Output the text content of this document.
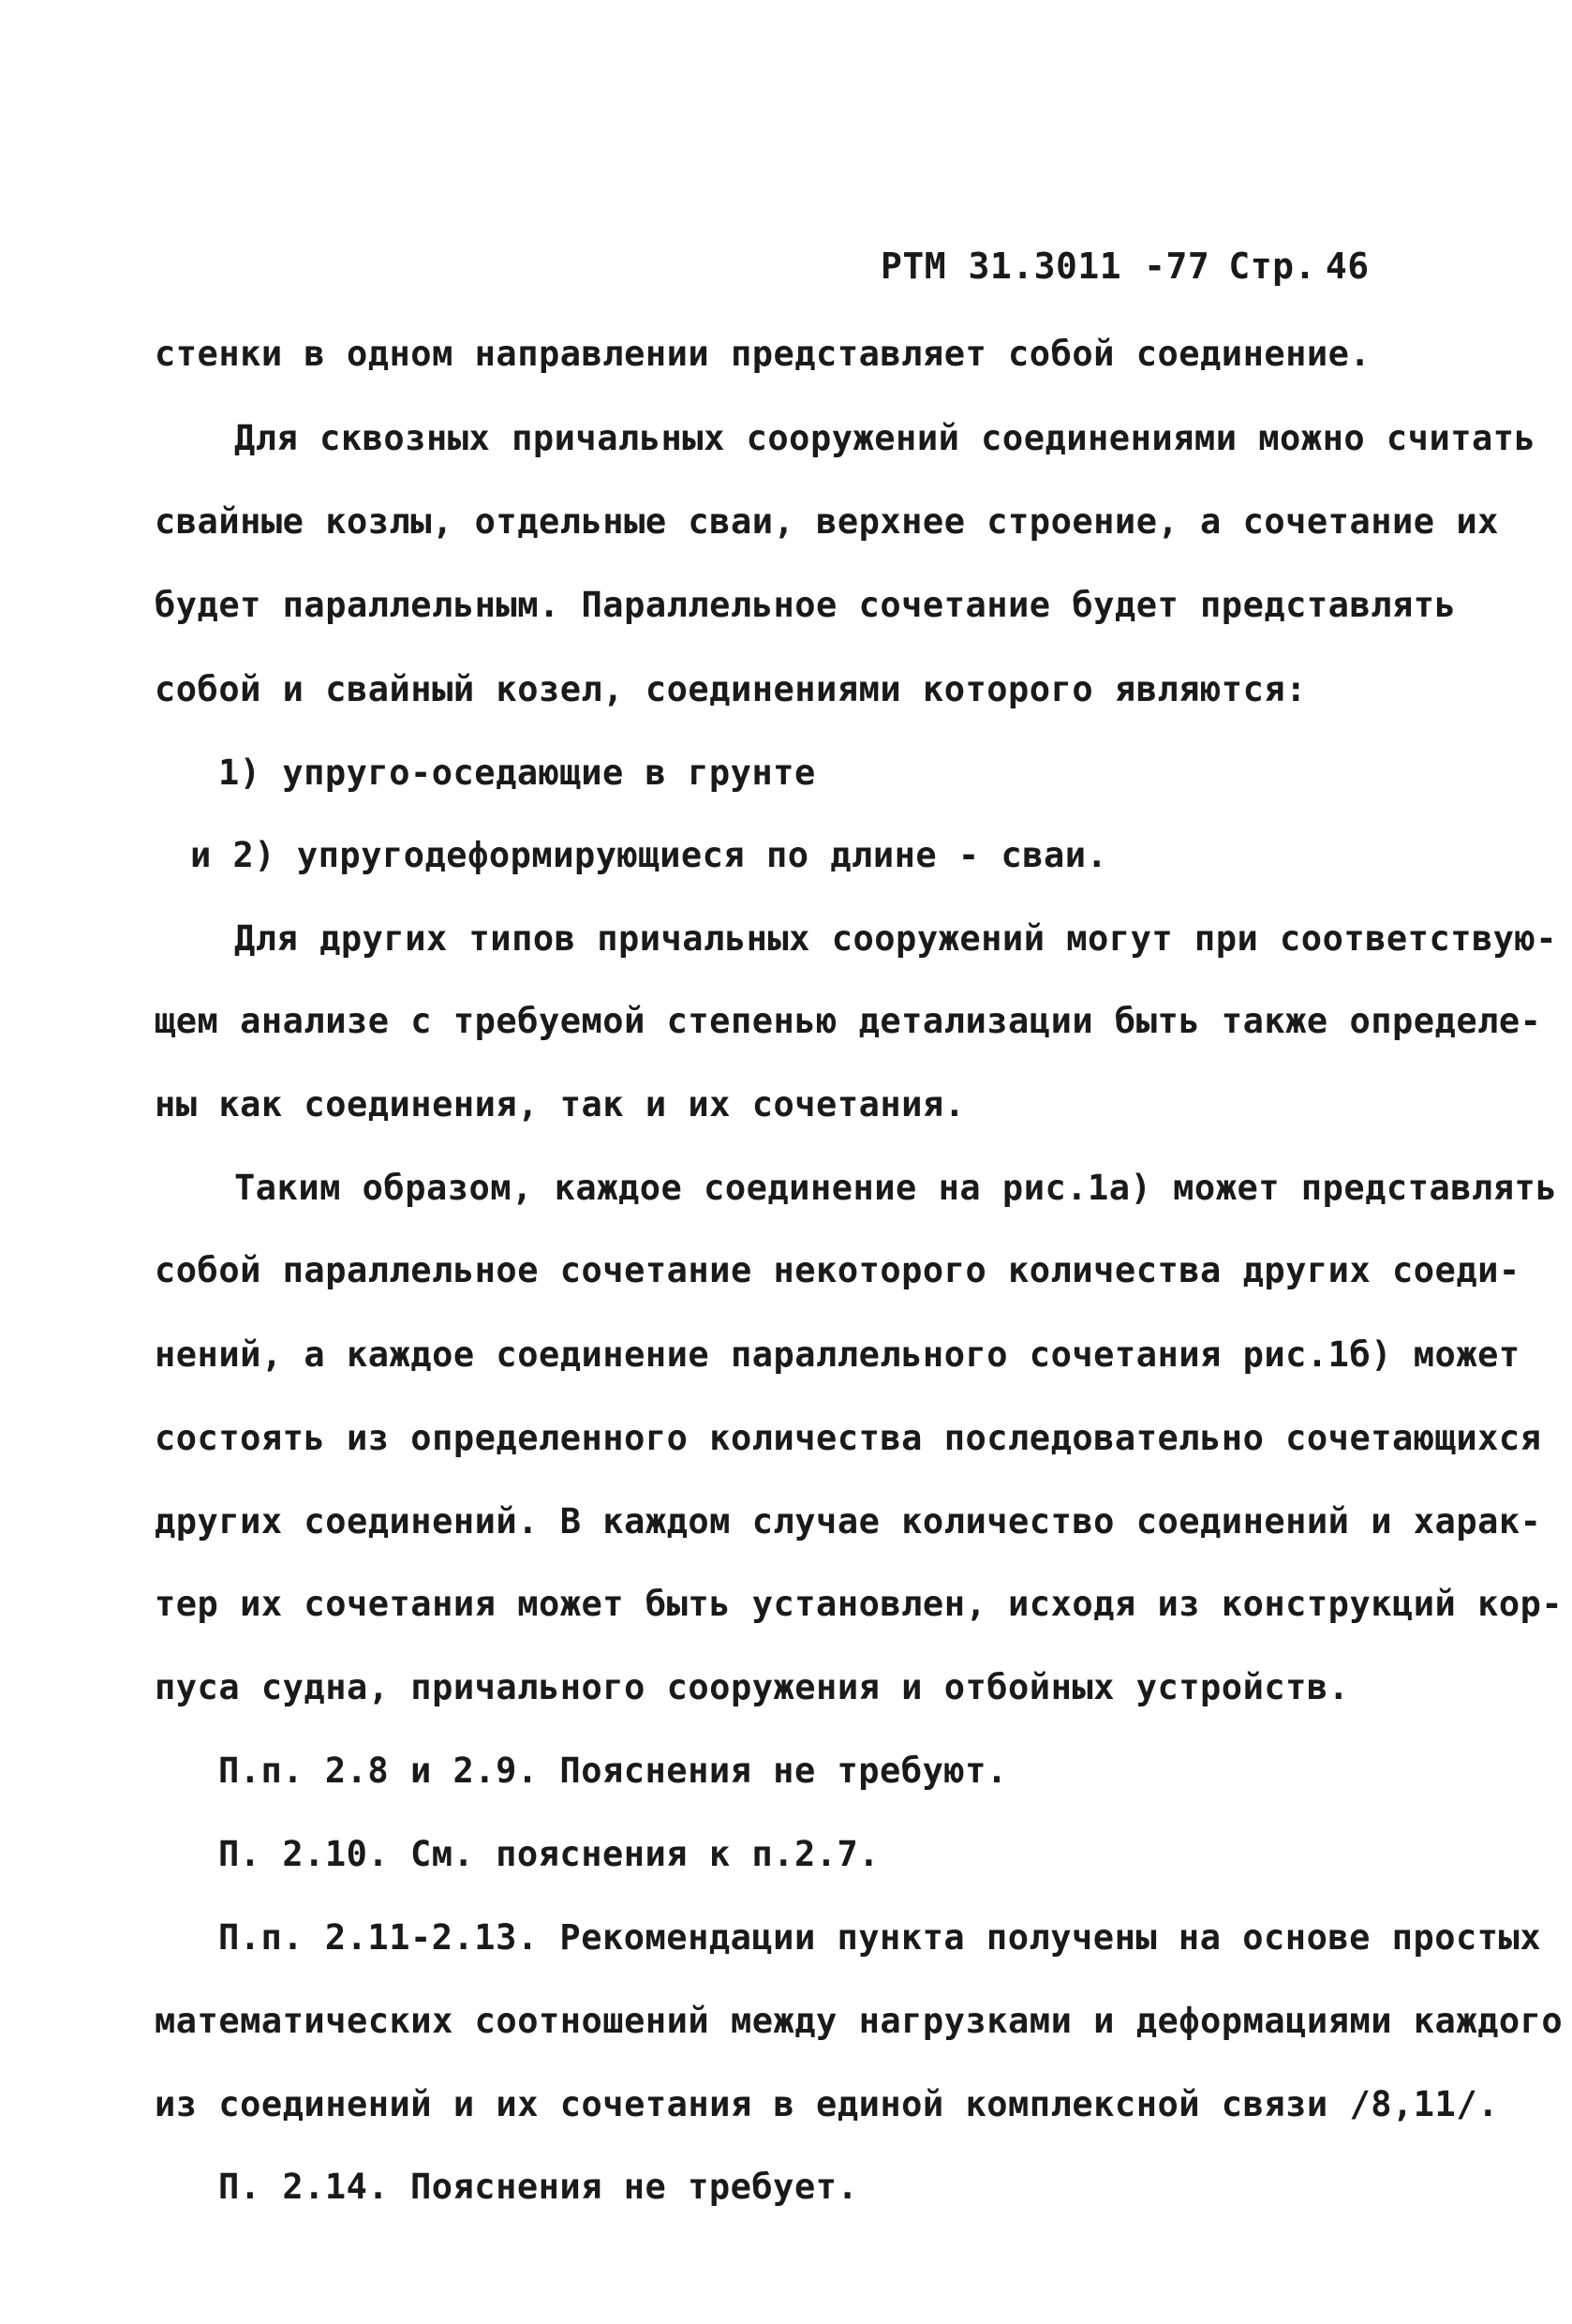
РТМ 31.3011 -77 Стр. 46
стенки в одном направлении представляет собой соединение.
Для сквозных причальных сооружений соединениями можно считать
свайные козлы, отдельные сваи, верхнее строение, а сочетание их
будет параллельным. Параллельное сочетание будет представлять
собой и свайный козел, соединениями которого являются:
1) упруго-оседающие в грунте
и 2) упругодеформирующиеся по длине - сваи.
Для других типов причальных сооружений могут при соответствую-
щем анализе с требуемой степенью детализации быть также определе-
ны как соединения, так и их сочетания.
Таким образом, каждое соединение на рис.1а) может представлять
собой параллельное сочетание некоторого количества других соеди-
нений, а каждое соединение параллельного сочетания рис.1б) может
состоять из определенного количества последовательно сочетающихся
других соединений. В каждом случае количество соединений и харак-
тер их сочетания может быть установлен, исходя из конструкций кор-
пуса судна, причального сооружения и отбойных устройств.
П.п. 2.8 и 2.9. Пояснения не требуют.
П. 2.10. См. пояснения к п.2.7.
П.п. 2.11-2.13. Рекомендации пункта получены на основе простых
математических соотношений между нагрузками и деформациями каждого
из соединений и их сочетания в единой комплексной связи /8,11/.
П. 2.14. Пояснения не требует.
